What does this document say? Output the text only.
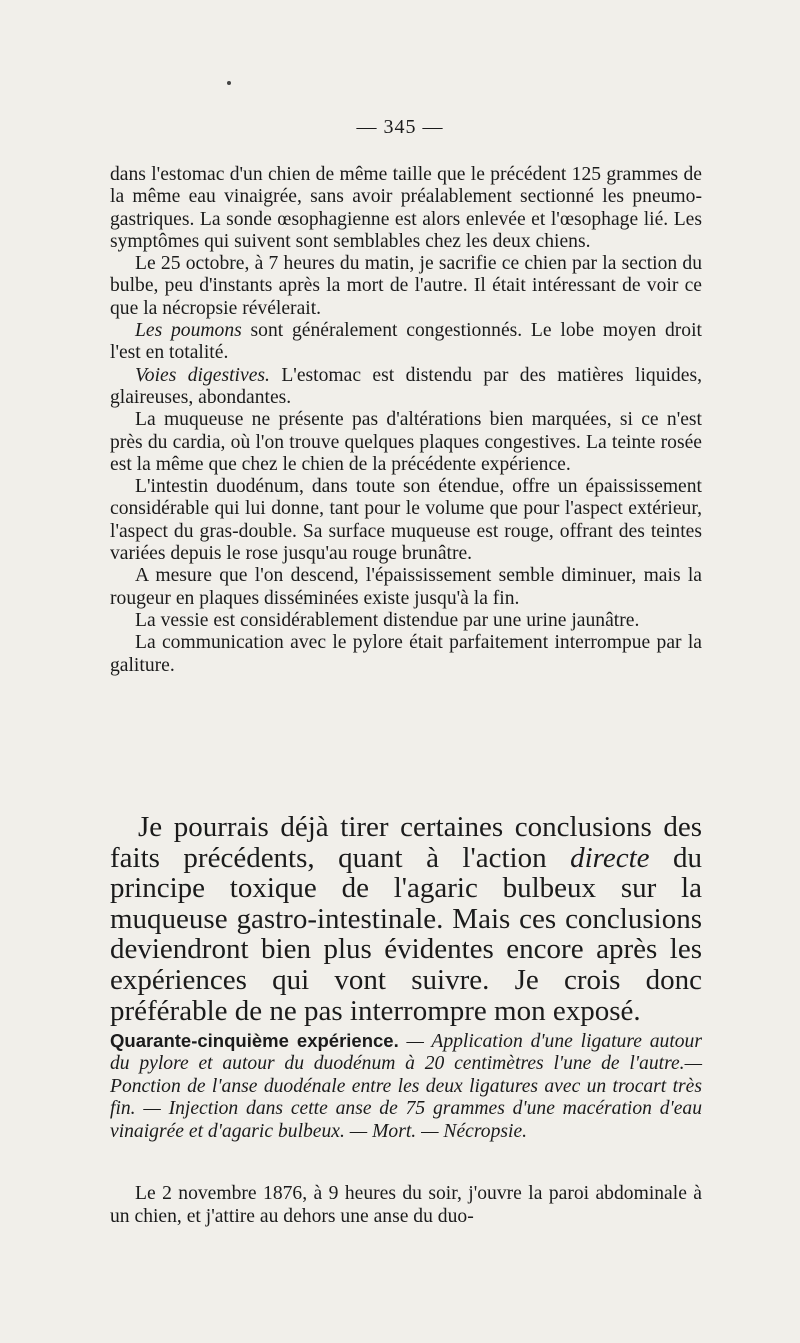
— 345 —

dans l'estomac d'un chien de même taille que le précédent 125 grammes de la même eau vinaigrée, sans avoir préalablement sectionné les pneumo-gastriques. La sonde œsophagienne est alors enlevée et l'œsophage lié. Les symptômes qui suivent sont semblables chez les deux chiens.

Le 25 octobre, à 7 heures du matin, je sacrifie ce chien par la section du bulbe, peu d'instants après la mort de l'autre. Il était intéressant de voir ce que la nécropsie révélerait.

Les poumons sont généralement congestionnés. Le lobe moyen droit l'est en totalité.

Voies digestives. L'estomac est distendu par des matières liquides, glaireuses, abondantes.

La muqueuse ne présente pas d'altérations bien marquées, si ce n'est près du cardia, où l'on trouve quelques plaques congestives. La teinte rosée est la même que chez le chien de la précédente expérience.

L'intestin duodénum, dans toute son étendue, offre un épaississement considérable qui lui donne, tant pour le volume que pour l'aspect extérieur, l'aspect du gras-double. Sa surface muqueuse est rouge, offrant des teintes variées depuis le rose jusqu'au rouge brunâtre.

A mesure que l'on descend, l'épaississement semble diminuer, mais la rougeur en plaques disséminées existe jusqu'à la fin.

La vessie est considérablement distendue par une urine jaunâtre.

La communication avec le pylore était parfaitement interrompue par la galiture.

Je pourrais déjà tirer certaines conclusions des faits précédents, quant à l'action directe du principe toxique de l'agaric bulbeux sur la muqueuse gastro-intestinale. Mais ces conclusions deviendront bien plus évidentes encore après les expériences qui vont suivre. Je crois donc préférable de ne pas interrompre mon exposé.

Quarante-cinquième expérience. — Application d'une ligature autour du pylore et autour du duodénum à 20 centimètres l'une de l'autre.—Ponction de l'anse duodénale entre les deux ligatures avec un trocart très fin. — Injection dans cette anse de 75 grammes d'une macération d'eau vinaigrée et d'agaric bulbeux. — Mort. — Nécropsie.

Le 2 novembre 1876, à 9 heures du soir, j'ouvre la paroi abdominale à un chien, et j'attire au dehors une anse du duo-
